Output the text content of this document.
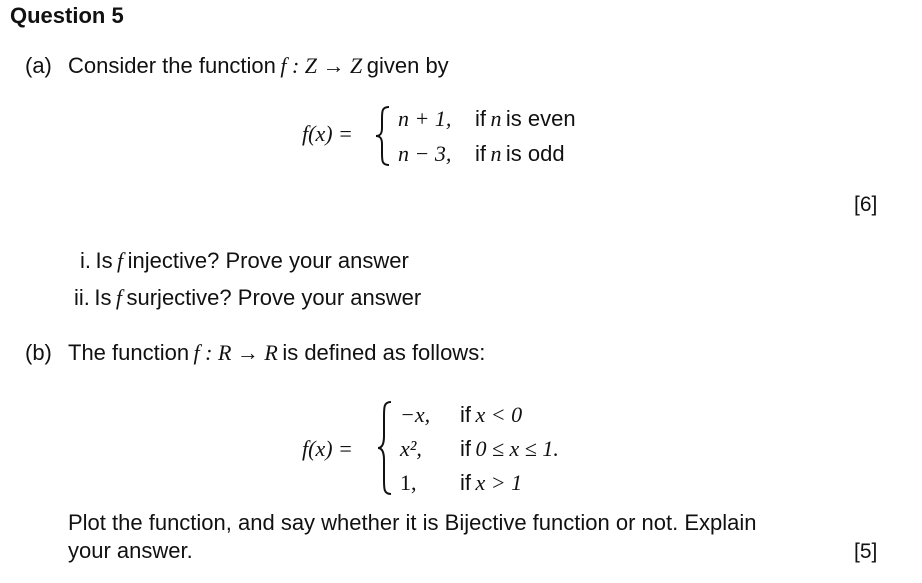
Question 5
(a) Consider the function f : Z → Z given by
f(x) =
n + 1, if n is even
n − 3, if n is odd
[6]
i. Is f injective? Prove your answer
ii. Is f surjective? Prove your answer
(b) The function f : R → R is defined as follows:
f(x) =
−x, if x < 0
x², if 0 ≤ x ≤ 1.
1, if x > 1
Plot the function, and say whether it is Bijective function or not. Explain
your answer.	[5]
